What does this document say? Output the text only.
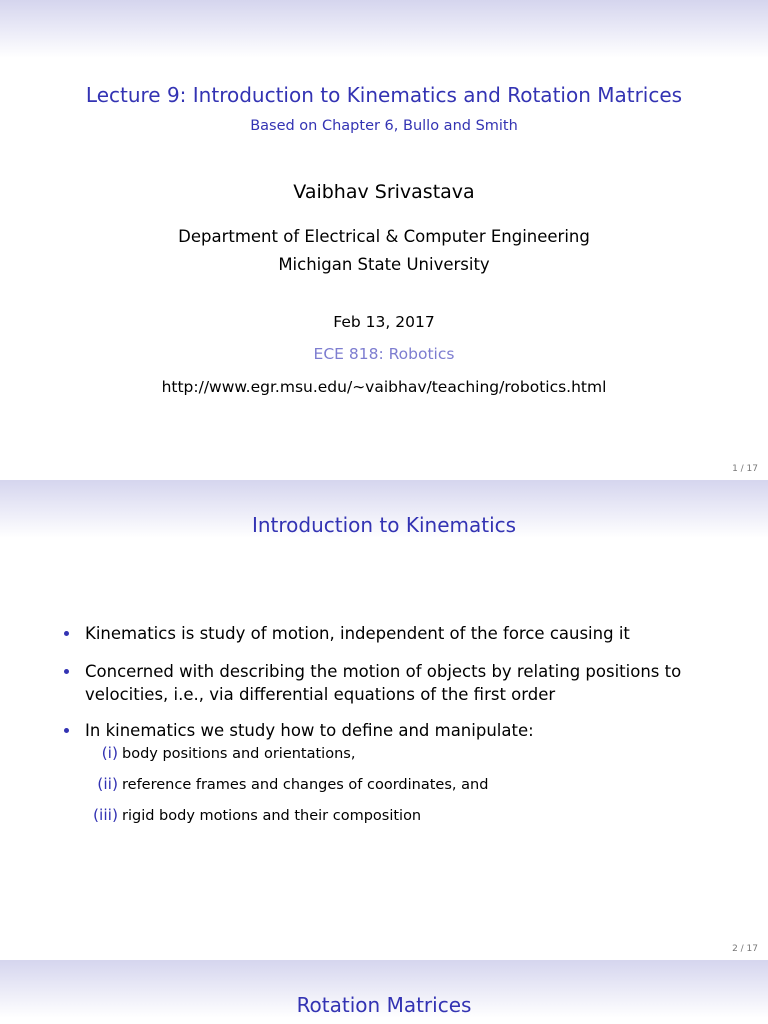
Lecture 9: Introduction to Kinematics and Rotation Matrices
Based on Chapter 6, Bullo and Smith
Vaibhav Srivastava
Department of Electrical & Computer Engineering
Michigan State University
Feb 13, 2017
ECE 818: Robotics
http://www.egr.msu.edu/∼vaibhav/teaching/robotics.html
1 / 17
Introduction to Kinematics
Kinematics is study of motion, independent of the force causing it
Concerned with describing the motion of objects by relating positions to
velocities, i.e., via differential equations of the first order
In kinematics we study how to define and manipulate:
(i) body positions and orientations,
(ii) reference frames and changes of coordinates, and
(iii) rigid body motions and their composition
2 / 17
Rotation Matrices
